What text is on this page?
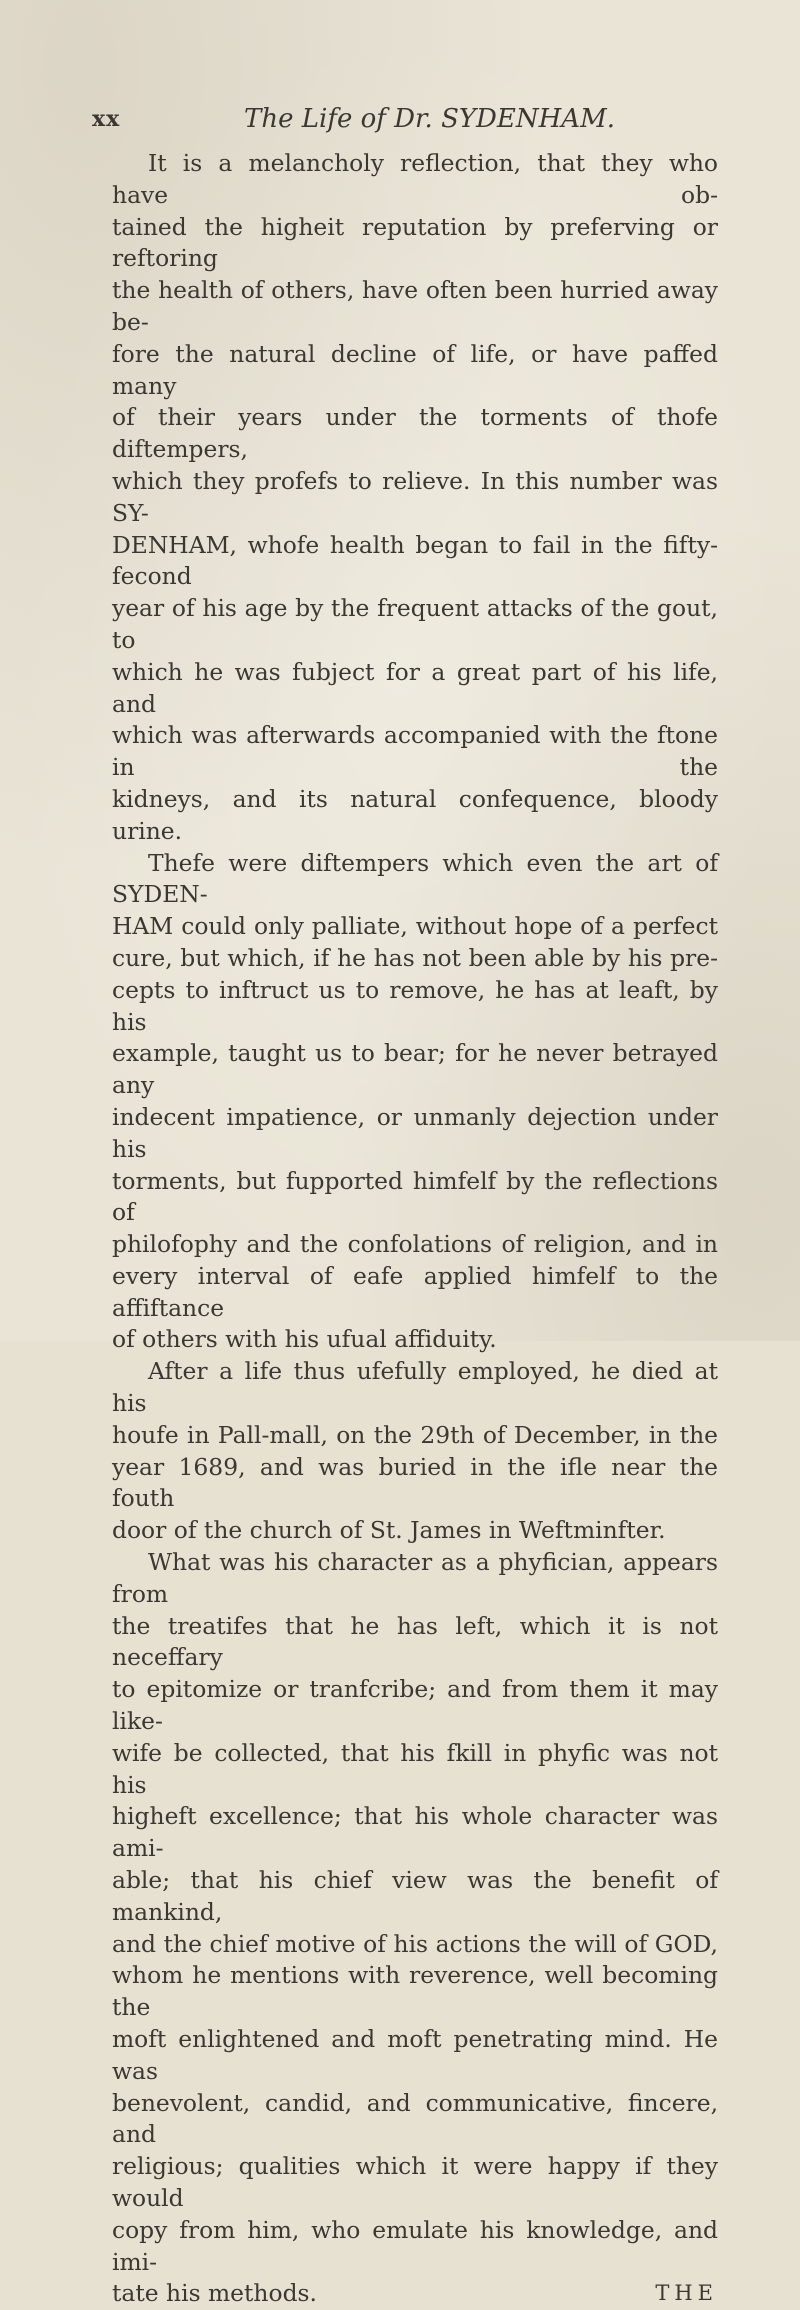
xx	The Life of Dr. SYDENHAM.

It is a melancholy reflection, that they who have ob-

tained the higheit reputation by preferving or reftoring

the health of others, have often been hurried away be-

fore the natural decline of life, or have paffed many

of their years under the torments of thofe diftempers,

which they profefs to relieve. In this number was SY-

DENHAM, whofe health began to fail in the fifty-fecond

year of his age by the frequent attacks of the gout, to

which he was fubject for a great part of his life, and

which was afterwards accompanied with the ftone in the

kidneys, and its natural confequence, bloody urine.

Thefe were diftempers which even the art of SYDEN-

HAM could only palliate, without hope of a perfect

cure, but which, if he has not been able by his pre-

cepts to inftruct us to remove, he has at leaft, by his

example, taught us to bear; for he never betrayed any

indecent impatience, or unmanly dejection under his

torments, but fupported himfelf by the reflections of

philofophy and the confolations of religion, and in

every interval of eafe applied himfelf to the affiftance

of others with his ufual affiduity.

After a life thus ufefully employed, he died at his

houfe in Pall-mall, on the 29th of December, in the

year 1689, and was buried in the ifle near the fouth

door of the church of St. James in Weftminfter.

What was his character as a phyfician, appears from

the treatifes that he has left, which it is not neceffary

to epitomize or tranfcribe; and from them it may like-

wife be collected, that his fkill in phyfic was not his

higheft excellence; that his whole character was ami-

able; that his chief view was the benefit of mankind,

and the chief motive of his actions the will of GOD,

whom he mentions with reverence, well becoming the

moft enlightened and moft penetrating mind. He was

benevolent, candid, and communicative, fincere, and

religious; qualities which it were happy if they would

copy from him, who emulate his knowledge, and imi-

tate his methods.	THE
